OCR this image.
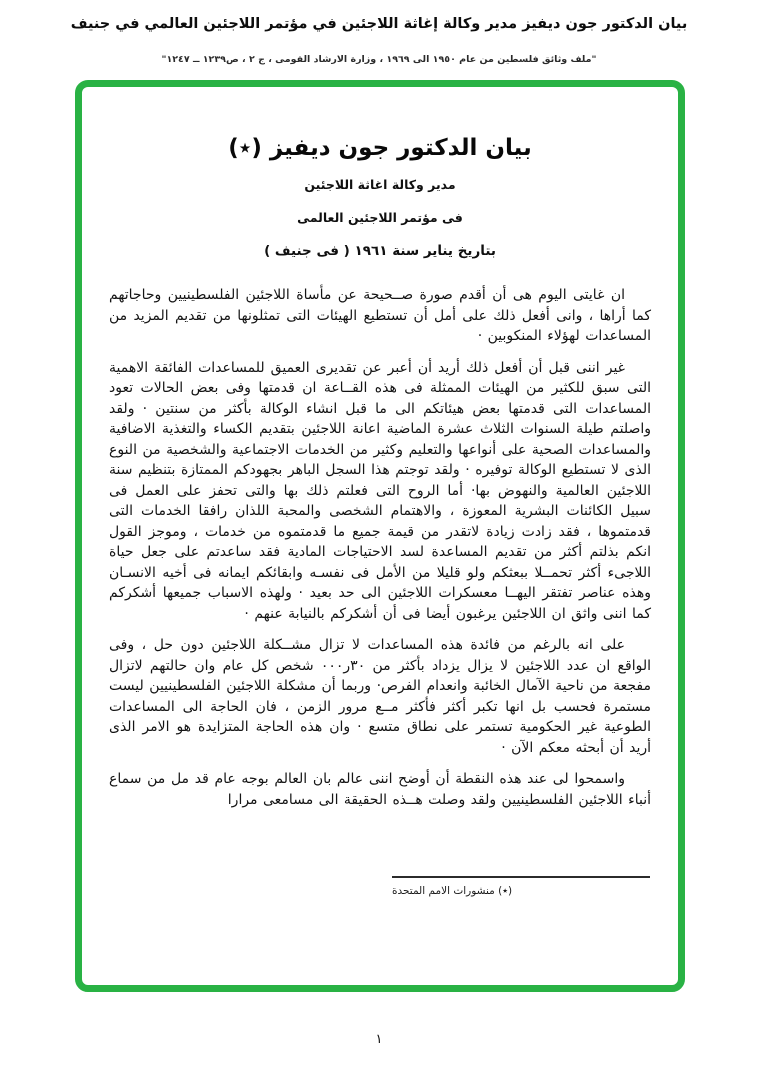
بيان الدكتور جون ديفيز مدير وكالة إغاثة اللاجئين في مؤتمر اللاجئين العالمي في جنيف
"ملف وثائق فلسطين من عام ١٩٥٠ الى ١٩٦٩ ، وزارة الارشاد القومى ، ج ٢ ، ص١٢٣٩ ــ ١٢٤٧"
بيان الدكتور جون ديفيز (٭)
مدير وكالة اغاثة اللاجئين
فى مؤتمر اللاجئين العالمى
بتاريخ يناير سنة ١٩٦١ ( فى جنيف )

ان غايتى اليوم هى أن أقدم صورة صــحيحة عن مأساة اللاجئين الفلسطينيين وحاجاتهم كما أراها ، وانى أفعل ذلك على أمل أن تستطيع الهيئات التى تمثلونها من تقديم المزيد من المساعدات لهؤلاء المنكوبين ·

غير اننى قبل أن أفعل ذلك أريد أن أعبر عن تقديرى العميق للمساعدات الفائقة الاهمية التى سبق للكثير من الهيئات الممثلة فى هذه القــاعة ان قدمتها وفى بعض الحالات تعود المساعدات التى قدمتها بعض هيئاتكم الى ما قبل انشاء الوكالة بأكثر من سنتين · ولقد واصلتم طيلة السنوات الثلاث عشرة الماضية اعانة اللاجئين بتقديم الكساء والتغذية الاضافية والمساعدات الصحية على أنواعها والتعليم وكثير من الخدمات الاجتماعية والشخصية من النوع الذى لا تستطيع الوكالة توفيره · ولقد توجتم هذا السجل الباهر بجهودكم الممتازة بتنظيم سنة اللاجئين العالمية والنهوض بها· أما الروح التى فعلتم ذلك بها والتى تحفز على العمل فى سبيل الكائنات البشرية المعوزة ، والاهتمام الشخصى والمحبة اللذان رافقا الخدمات التى قدمتموها ، فقد زادت زيادة لاتقدر من قيمة جميع ما قدمتموه من خدمات ، وموجز القول انكم بذلتم أكثر من تقديم المساعدة لسد الاحتياجات المادية فقد ساعدتم على جعل حياة اللاجىء أكثر تحمــلا ببعثكم ولو قليلا من الأمل فى نفسـه وابقائكم ايمانه فى أخيه الانسـان وهذه عناصر تفتقر اليهــا معسكرات اللاجئين الى حد بعيد · ولهذه الاسباب جميعها أشكركم كما اننى واثق ان اللاجئين يرغبون أيضا فى أن أشكركم بالنيابة عنهم ·

على انه بالرغم من فائدة هذه المساعدات لا تزال مشــكلة اللاجئين دون حل ، وفى الواقع ان عدد اللاجئين لا يزال يزداد بأكثر من ٣٠ر٠٠٠ شخص كل عام وان حالتهم لاتزال مفجعة من ناحية الآمال الخائبة وانعدام الفرص· وربما أن مشكلة اللاجئين الفلسطينيين ليست مستمرة فحسب بل انها تكبر أكثر فأكثر مــع مرور الزمن ، فان الحاجة الى المساعدات الطوعية غير الحكومية تستمر على نطاق متسع · وان هذه الحاجة المتزايدة هو الامر الذى أريد أن أبحثه معكم الآن ·

واسمحوا لى عند هذه النقطة أن أوضح اننى عالم بان العالم بوجه عام قد مل من سماع أنباء اللاجئين الفلسطينيين ولقد وصلت هــذه الحقيقة الى مسامعى مرارا

(٭) منشورات الامم المتحدة
١
